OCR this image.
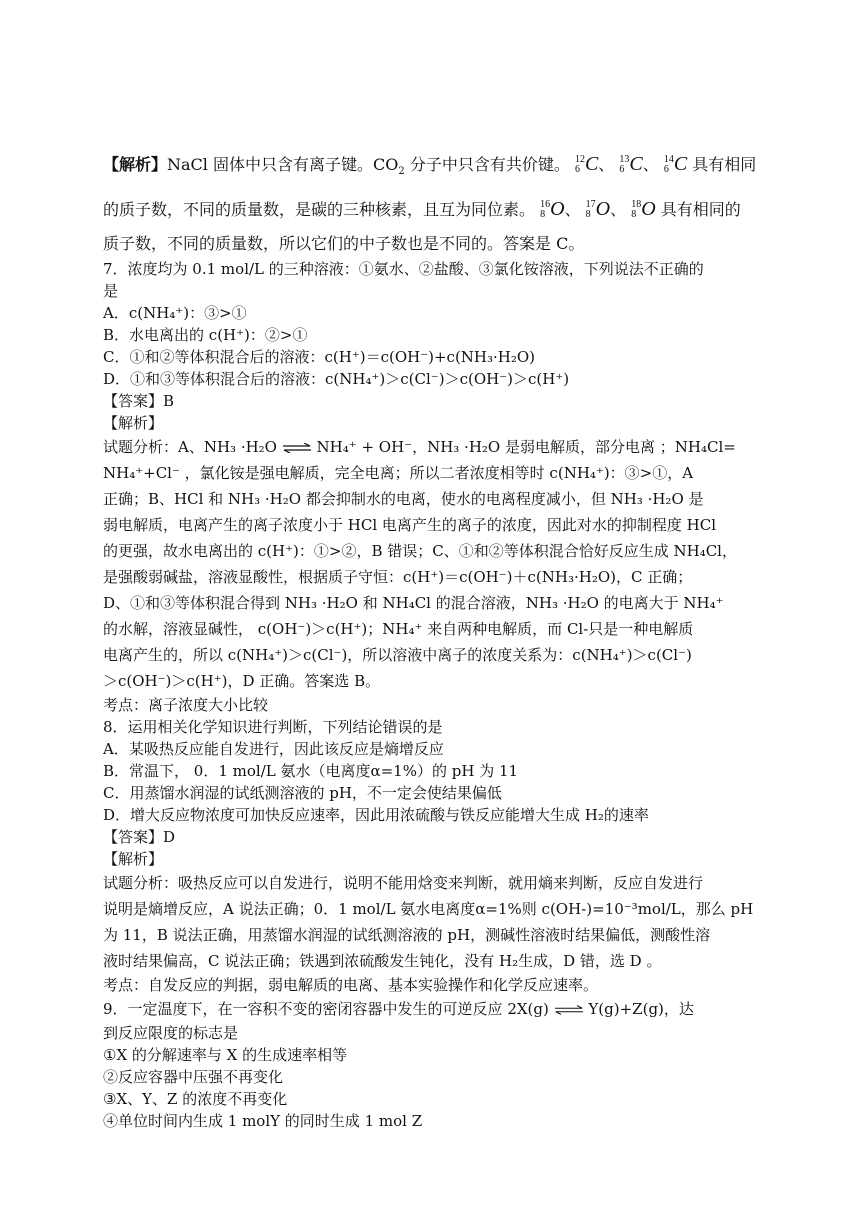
【解析】NaCl 固体中只含有离子键。$CO_2$ 分子中只含有共价键。 12
6 C、 13
6 C、 14
6 C 具有相同
的质子数，不同的质量数，是碳的三种核素，且互为同位素。 16
8 O、 17
8 O、 18
8 O 具有相同的
质子数，不同的质量数，所以它们的中子数也是不同的。答案是 C。
7．浓度均为 0.1 mol/L 的三种溶液：①氨水、②盐酸、③氯化铵溶液，下列说法不正确的
是
A．c(NH₄⁺)：③>①
B．水电离出的 c(H⁺)：②>①
C．①和②等体积混合后的溶液：c(H⁺)＝c(OH⁻)+c(NH₃·H₂O)
D．①和③等体积混合后的溶液：c(NH₄⁺)＞c(Cl⁻)＞c(OH⁻)＞c(H⁺)
【答案】B
【解析】
试题分析：A、NH₃ ·H₂O ⇌ NH₄⁺ + OH⁻，NH₃ ·H₂O 是弱电解质，部分电离 ；NH₄Cl=
NH₄⁺+Cl⁻ ，氯化铵是强电解质，完全电离；所以二者浓度相等时 c(NH₄⁺)：③>①，A
正确；B、HCl 和 NH₃ ·H₂O 都会抑制水的电离，使水的电离程度减小，但 NH₃ ·H₂O 是
弱电解质，电离产生的离子浓度小于 HCl 电离产生的离子的浓度，因此对水的抑制程度 HCl
的更强，故水电离出的 c(H⁺)：①>②，B 错误；C、①和②等体积混合恰好反应生成 NH₄Cl，
是强酸弱碱盐，溶液显酸性，根据质子守恒：c(H⁺)＝c(OH⁻)＋c(NH₃·H₂O)，C 正确；
D、①和③等体积混合得到 NH₃ ·H₂O 和 NH₄Cl 的混合溶液，NH₃ ·H₂O 的电离大于 NH₄⁺
的水解，溶液显碱性， c(OH⁻)＞c(H⁺)；NH₄⁺ 来自两种电解质，而 Cl-只是一种电解质
电离产生的，所以 c(NH₄⁺)＞c(Cl⁻)，所以溶液中离子的浓度关系为：c(NH₄⁺)＞c(Cl⁻)
＞c(OH⁻)＞c(H⁺)，D 正确。答案选 B。
考点：离子浓度大小比较
8．运用相关化学知识进行判断，下列结论错误的是
A．某吸热反应能自发进行，因此该反应是熵增反应
B．常温下， 0．1 mol/L 氨水（电离度α=1%）的 pH 为 11
C．用蒸馏水润湿的试纸测溶液的 pH，不一定会使结果偏低
D．增大反应物浓度可加快反应速率，因此用浓硫酸与铁反应能增大生成 H₂的速率
【答案】D
【解析】
试题分析：吸热反应可以自发进行，说明不能用焓变来判断，就用熵来判断，反应自发进行
说明是熵增反应，A 说法正确；0．1 mol/L 氨水电离度α=1%则 c(OH-)=10⁻³mol/L，那么 pH
为 11，B 说法正确，用蒸馏水润湿的试纸测溶液的 pH，测碱性溶液时结果偏低，测酸性溶
液时结果偏高，C 说法正确；铁遇到浓硫酸发生钝化，没有 H₂生成，D 错，选 D 。
考点：自发反应的判据，弱电解质的电离、基本实验操作和化学反应速率。
9．一定温度下，在一容积不变的密闭容器中发生的可逆反应 2X(g) ⇌ Y(g)+Z(g)，达
到反应限度的标志是
①X 的分解速率与 X 的生成速率相等
②反应容器中压强不再变化
③X、Y、Z 的浓度不再变化
④单位时间内生成 1 molY 的同时生成 1 mol Z
